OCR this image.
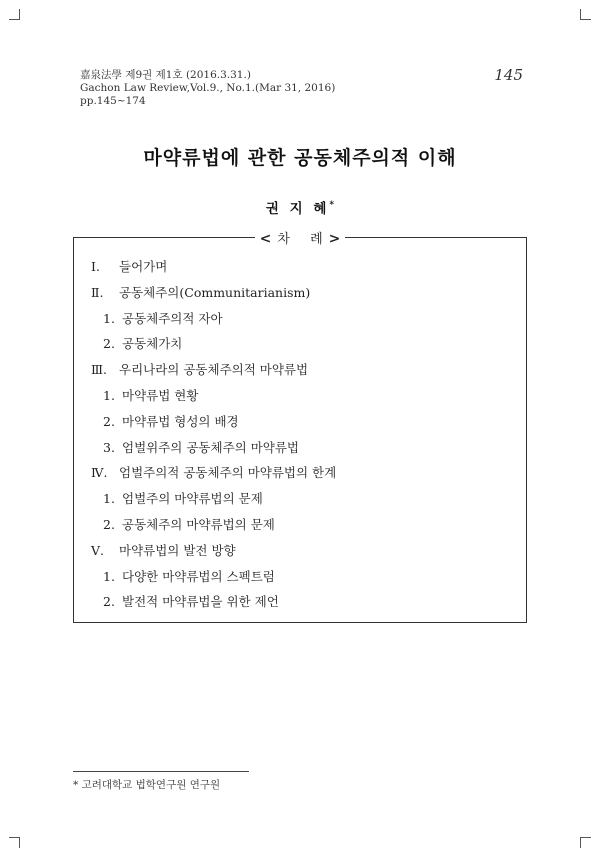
嘉泉法學 제9권 제1호 (2016.3.31.)
Gachon Law Review,Vol.9., No.1.(Mar 31, 2016)
pp.145~174
145
마약류법에 관한 공동체주의적 이해
권 지 혜*
< 차 례>
Ⅰ. 들어가며
Ⅱ. 공동체주의(Communitarianism)
1. 공동체주의적 자아
2. 공동체가치
Ⅲ. 우리나라의 공동체주의적 마약류법
1. 마약류법 현황
2. 마약류법 형성의 배경
3. 엄벌위주의 공동체주의 마약류법
Ⅳ. 엄벌주의적 공동체주의 마약류법의 한계
1. 엄벌주의 마약류법의 문제
2. 공동체주의 마약류법의 문제
Ⅴ. 마약류법의 발전 방향
1. 다양한 마약류법의 스펙트럼
2. 발전적 마약류법을 위한 제언
* 고려대학교 법학연구원 연구원
